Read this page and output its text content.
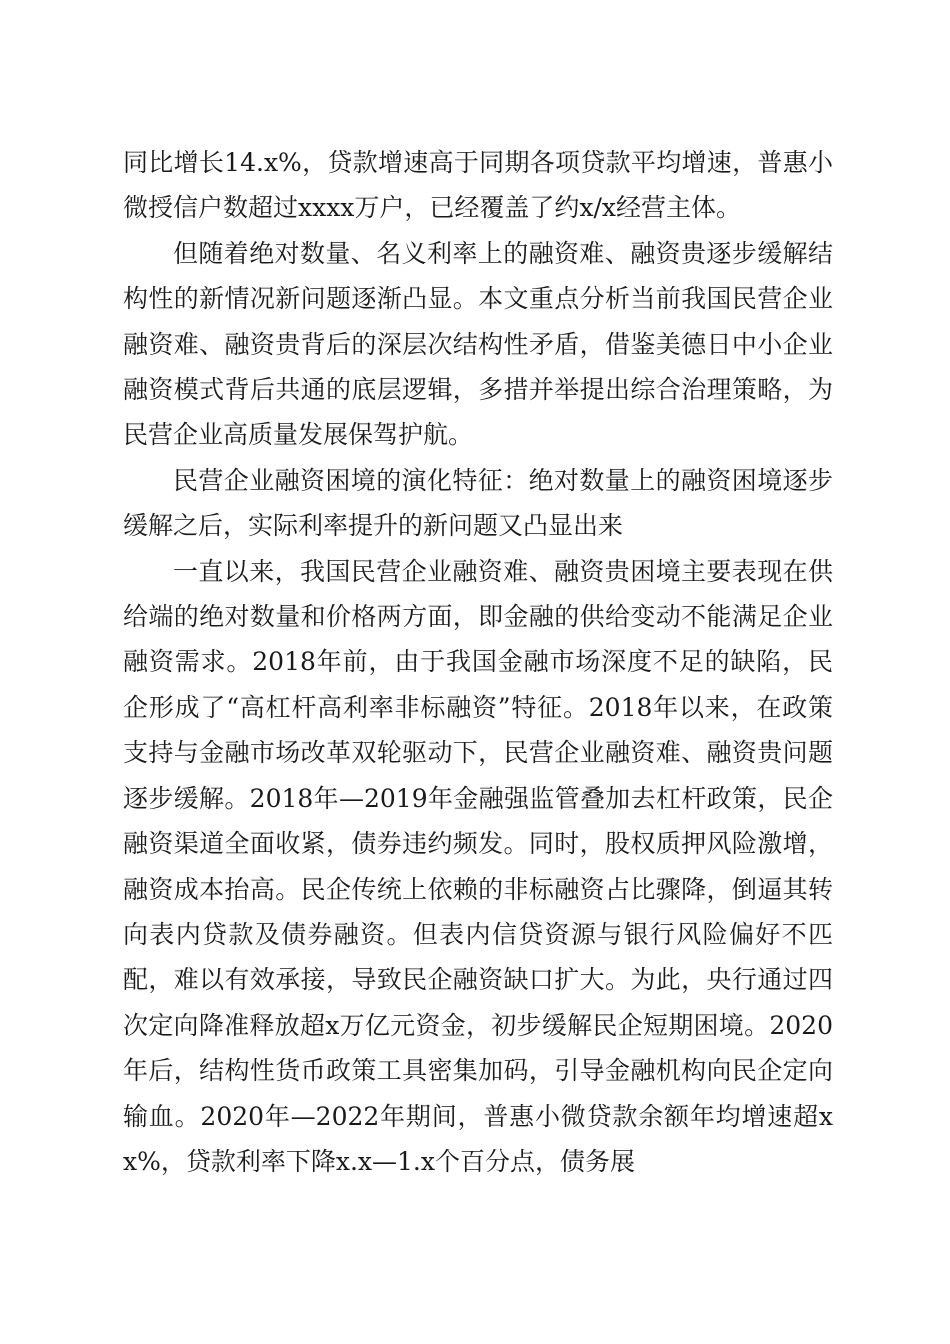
同比增长14.x%，贷款增速高于同期各项贷款平均增速，普惠小微授信户数超过xxxx万户，已经覆盖了约x/x经营主体。

但随着绝对数量、名义利率上的融资难、融资贵逐步缓解结构性的新情况新问题逐渐凸显。本文重点分析当前我国民营企业融资难、融资贵背后的深层次结构性矛盾，借鉴美德日中小企业融资模式背后共通的底层逻辑，多措并举提出综合治理策略，为民营企业高质量发展保驾护航。

民营企业融资困境的演化特征：绝对数量上的融资困境逐步缓解之后，实际利率提升的新问题又凸显出来

一直以来，我国民营企业融资难、融资贵困境主要表现在供给端的绝对数量和价格两方面，即金融的供给变动不能满足企业融资需求。2018年前，由于我国金融市场深度不足的缺陷，民企形成了“高杠杆高利率非标融资”特征。2018年以来，在政策支持与金融市场改革双轮驱动下，民营企业融资难、融资贵问题逐步缓解。2018年—2019年金融强监管叠加去杠杆政策，民企融资渠道全面收紧，债券违约频发。同时，股权质押风险激增，融资成本抬高。民企传统上依赖的非标融资占比骤降，倒逼其转向表内贷款及债券融资。但表内信贷资源与银行风险偏好不匹配，难以有效承接，导致民企融资缺口扩大。为此，央行通过四次定向降准释放超x万亿元资金，初步缓解民企短期困境。2020年后，结构性货币政策工具密集加码，引导金融机构向民企定向输血。2020年—2022年期间，普惠小微贷款余额年均增速超xx%，贷款利率下降x.x—1.x个百分点，债务展
